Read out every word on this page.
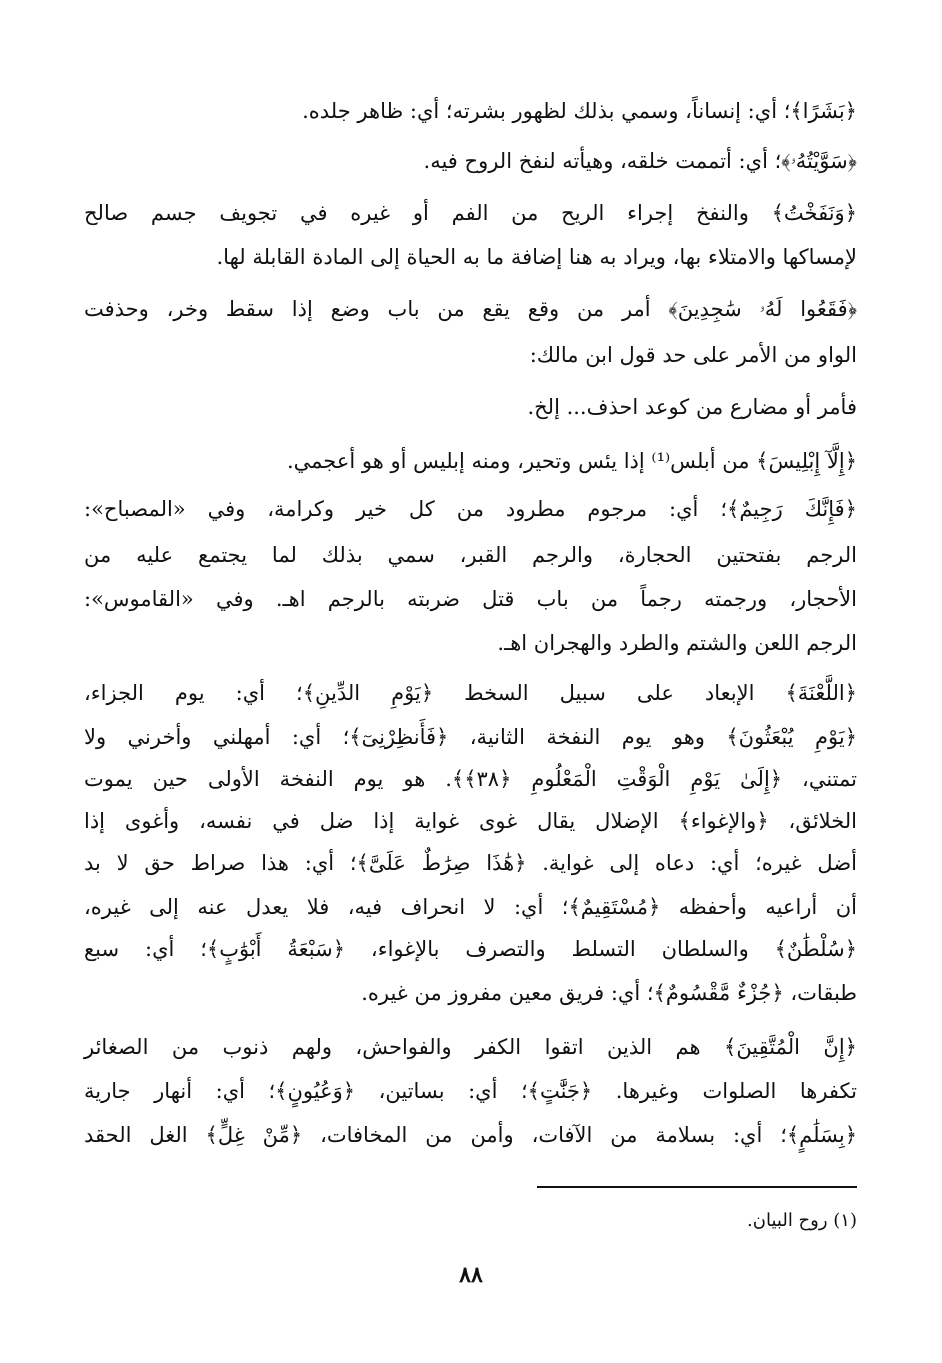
﴿بَشَرًا﴾؛ أي: إنساناً، وسمي بذلك لظهور بشرته؛ أي: ظاهر جلده.
﴿سَوَّيْتُهُۥ﴾؛ أي: أتممت خلقه، وهيأته لنفخ الروح فيه.
﴿وَنَفَخْتُ﴾ والنفخ إجراء الريح من الفم أو غيره في تجويف جسم صالح
لإمساكها والامتلاء بها، ويراد به هنا إضافة ما به الحياة إلى المادة القابلة لها.
﴿فَقَعُوا لَهُۥ سَٰجِدِينَ﴾ أمر من وقع يقع من باب وضع إذا سقط وخر، وحذفت
الواو من الأمر على حد قول ابن مالك:
فأمر أو مضارع من كوعد احذف... إلخ.
﴿إِلَّآ إِبْلِيسَ﴾ من أبلس⁽¹⁾ إذا يئس وتحير، ومنه إبليس أو هو أعجمي.
﴿فَإِنَّكَ رَجِيمٌ﴾؛ أي: مرجوم مطرود من كل خير وكرامة، وفي «المصباح»:
الرجم بفتحتين الحجارة، والرجم القبر، سمي بذلك لما يجتمع عليه من
الأحجار، ورجمته رجماً من باب قتل ضربته بالرجم اهـ. وفي «القاموس»:
الرجم اللعن والشتم والطرد والهجران اهـ.
﴿اللَّعْنَةَ﴾ الإبعاد على سبيل السخط ﴿يَوْمِ الدِّينِ﴾؛ أي: يوم الجزاء،
﴿يَوْمِ يُبْعَثُونَ﴾ وهو يوم النفخة الثانية، ﴿فَأَنظِرْنِىٓ﴾؛ أي: أمهلني وأخرني ولا
تمتني، ﴿إِلَىٰ يَوْمِ الْوَقْتِ الْمَعْلُومِ ﴿٣٨﴾﴾. هو يوم النفخة الأولى حين يموت
الخلائق، ﴿والإغواء﴾ الإضلال يقال غوى غواية إذا ضل في نفسه، وأغوى إذا
أضل غيره؛ أي: دعاه إلى غواية. ﴿هَٰذَا صِرَٰطٌ عَلَىَّ﴾؛ أي: هذا صراط حق لا بد
أن أراعيه وأحفظه ﴿مُسْتَقِيمٌ﴾؛ أي: لا انحراف فيه، فلا يعدل عنه إلى غيره،
﴿سُلْطَٰنٌ﴾ والسلطان التسلط والتصرف بالإغواء، ﴿سَبْعَةُ أَبْوَٰبٍ﴾؛ أي: سبع
طبقات، ﴿جُزْءٌ مَّقْسُومٌ﴾؛ أي: فريق معين مفروز من غيره.
﴿إِنَّ الْمُتَّقِينَ﴾ هم الذين اتقوا الكفر والفواحش، ولهم ذنوب من الصغائر
تكفرها الصلوات وغيرها. ﴿جَنَّٰتٍ﴾؛ أي: بساتين، ﴿وَعُيُونٍ﴾؛ أي: أنهار جارية
﴿بِسَلَٰمٍ﴾؛ أي: بسلامة من الآفات، وأمن من المخافات، ﴿مِّنْ غِلٍّ﴾ الغل الحقد
(١) روح البيان.
٨٨
